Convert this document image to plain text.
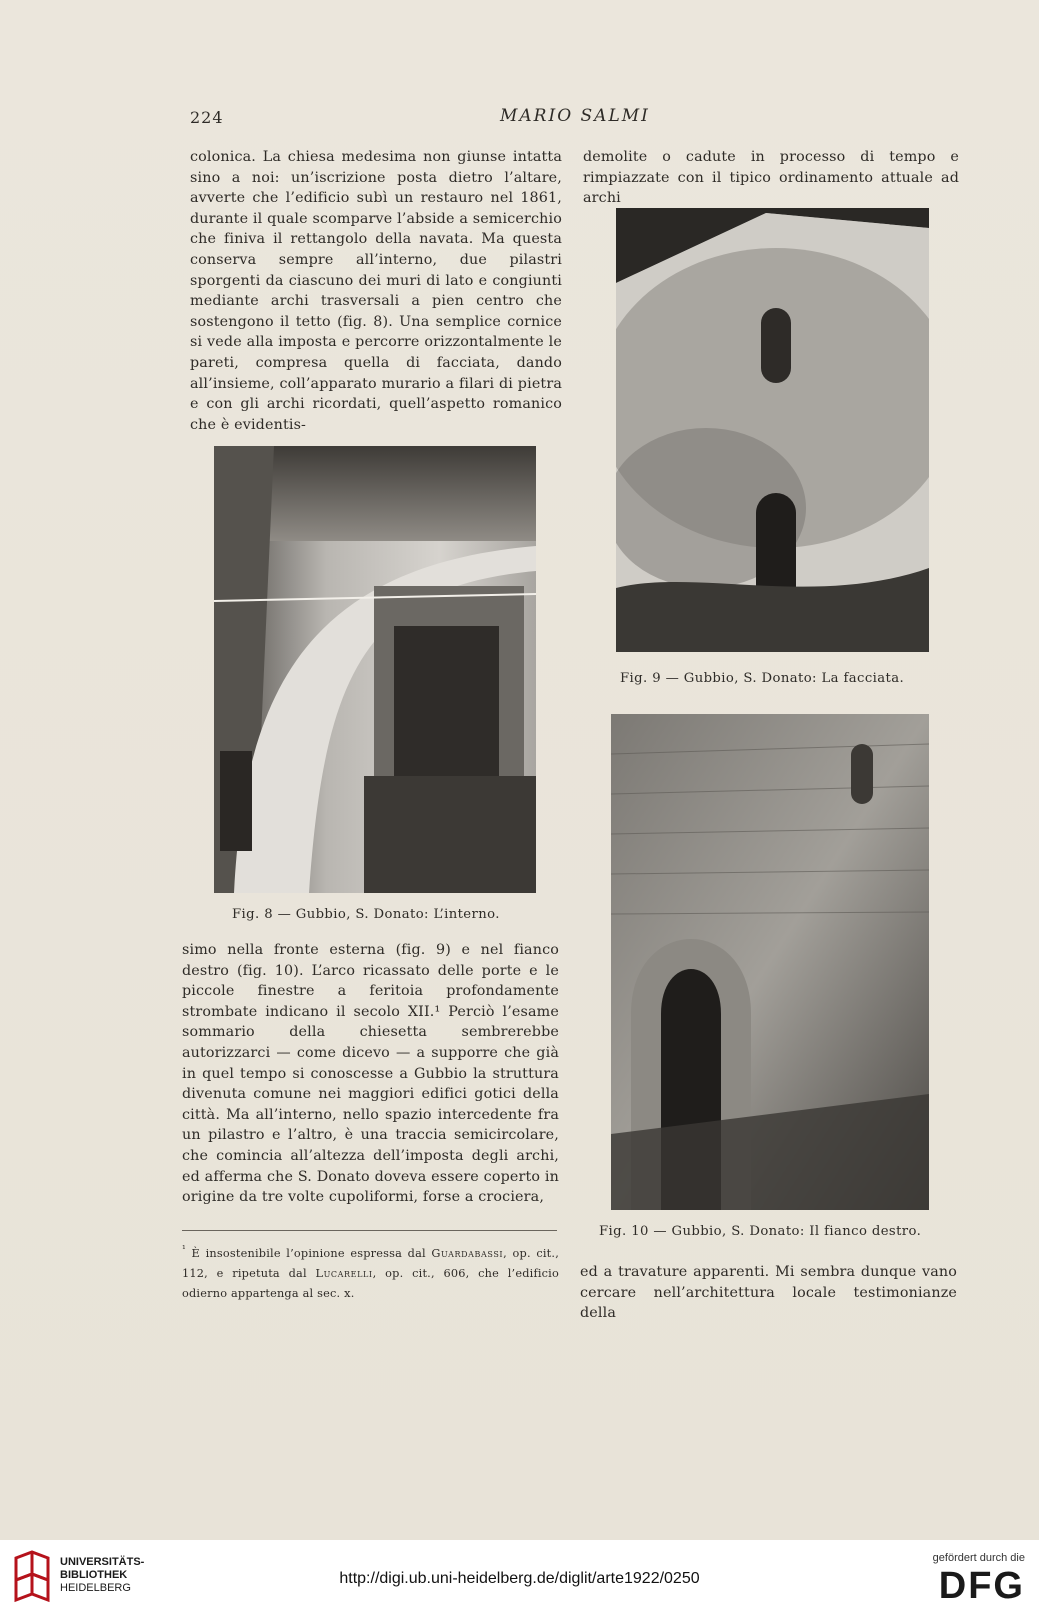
224	MARIO SALMI

colonica. La chiesa medesima non giunse intatta sino a noi: un’iscrizione posta dietro l’altare, avverte che l’edificio subì un restauro nel 1861, durante il quale scomparve l’abside a semicerchio che finiva il rettangolo della navata. Ma questa conserva sempre all’interno, due pilastri sporgenti da ciascuno dei muri di lato e congiunti mediante archi trasversali a pien centro che sostengono il tetto (fig. 8). Una semplice cornice si vede alla imposta e percorre orizzontalmente le pareti, compresa quella di facciata, dando all’insieme, coll’apparato murario a filari di pietra e con gli archi ricordati, quell’aspetto romanico che è evidentis-

demolite o cadute in processo di tempo e rimpiazzate con il tipico ordinamento attuale ad archi

Fig. 8 — Gubbio, S. Donato: L’interno.
Fig. 9 — Gubbio, S. Donato: La facciata.
Fig. 10 — Gubbio, S. Donato: Il fianco destro.

simo nella fronte esterna (fig. 9) e nel fianco destro (fig. 10). L’arco ricassato delle porte e le piccole finestre a feritoia profondamente strombate indicano il secolo XII.¹ Perciò l’esame sommario della chiesetta sembrerebbe autorizzarci — come dicevo — a supporre che già in quel tempo si conoscesse a Gubbio la struttura divenuta comune nei maggiori edifici gotici della città. Ma all’interno, nello spazio intercedente fra un pilastro e l’altro, è una traccia semicircolare, che comincia all’altezza dell’imposta degli archi, ed afferma che S. Donato doveva essere coperto in origine da tre volte cupoliformi, forse a crociera,

$^{^1}$ È insostenibile l’opinione espressa dal Guardabassi, op. cit., 112, e ripetuta dal Lucarelli, op. cit., 606, che l’edificio odierno appartenga al sec. x.

ed a travature apparenti. Mi sembra dunque vano cercare nell’architettura locale testimonianze della

UNIVERSITÄTS-
BIBLIOTHEK
HEIDELBERG
http://digi.ub.uni-heidelberg.de/diglit/arte1922/0250
gefördert durch die
DFG
